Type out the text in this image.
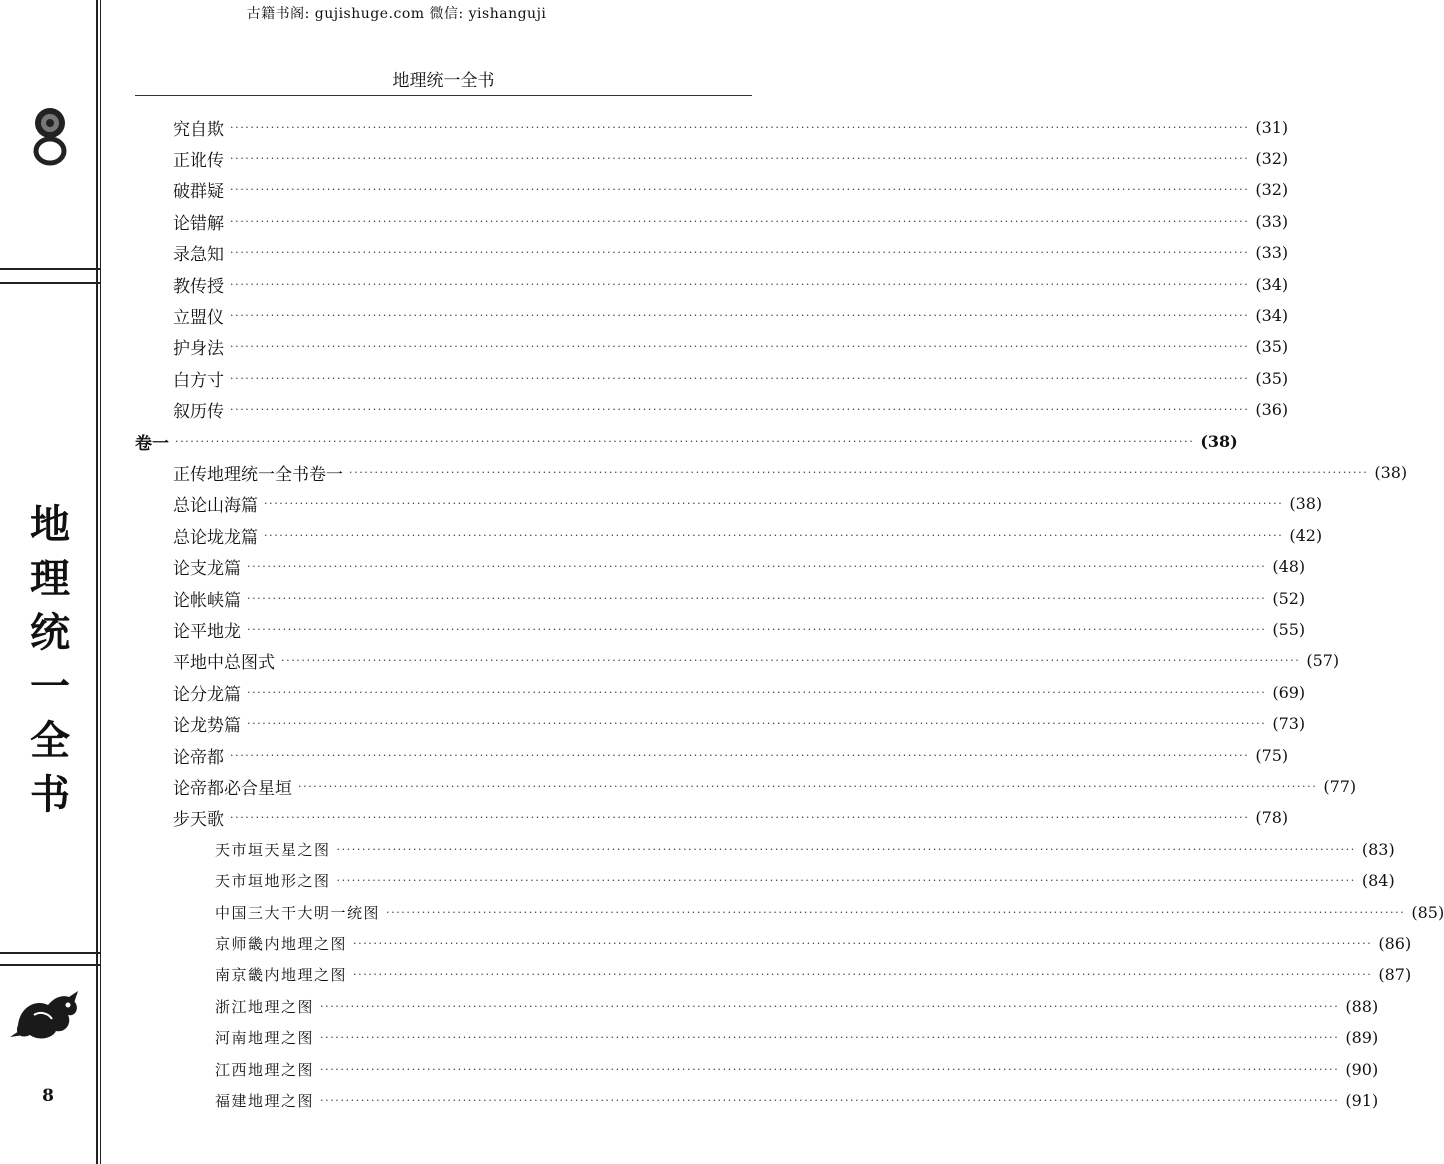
古籍书阁: gujishuge.com 微信: yishanguji
地
理
统
一
全
书
8
地理统一全书
究自欺 ········································································································································································································ (31)
正讹传 ········································································································································································································ (32)
破群疑 ········································································································································································································ (32)
论错解 ········································································································································································································ (33)
录急知 ········································································································································································································ (33)
教传授 ········································································································································································································ (34)
立盟仪 ········································································································································································································ (34)
护身法 ········································································································································································································ (35)
白方寸 ········································································································································································································ (35)
叙历传 ········································································································································································································ (36)
卷一 ········································································································································································································ (38)
正传地理统一全书卷一 ········································································································································································································ (38)
总论山海篇 ········································································································································································································ (38)
总论垅龙篇 ········································································································································································································ (42)
论支龙篇 ········································································································································································································ (48)
论帐峡篇 ········································································································································································································ (52)
论平地龙 ········································································································································································································ (55)
平地中总图式 ········································································································································································································ (57)
论分龙篇 ········································································································································································································ (69)
论龙势篇 ········································································································································································································ (73)
论帝都 ········································································································································································································ (75)
论帝都必合星垣 ········································································································································································································ (77)
步天歌 ········································································································································································································ (78)
天市垣天星之图 ········································································································································································································ (83)
天市垣地形之图 ········································································································································································································ (84)
中国三大干大明一统图 ········································································································································································································ (85)
京师畿内地理之图 ········································································································································································································ (86)
南京畿内地理之图 ········································································································································································································ (87)
浙江地理之图 ········································································································································································································ (88)
河南地理之图 ········································································································································································································ (89)
江西地理之图 ········································································································································································································ (90)
福建地理之图 ········································································································································································································ (91)
